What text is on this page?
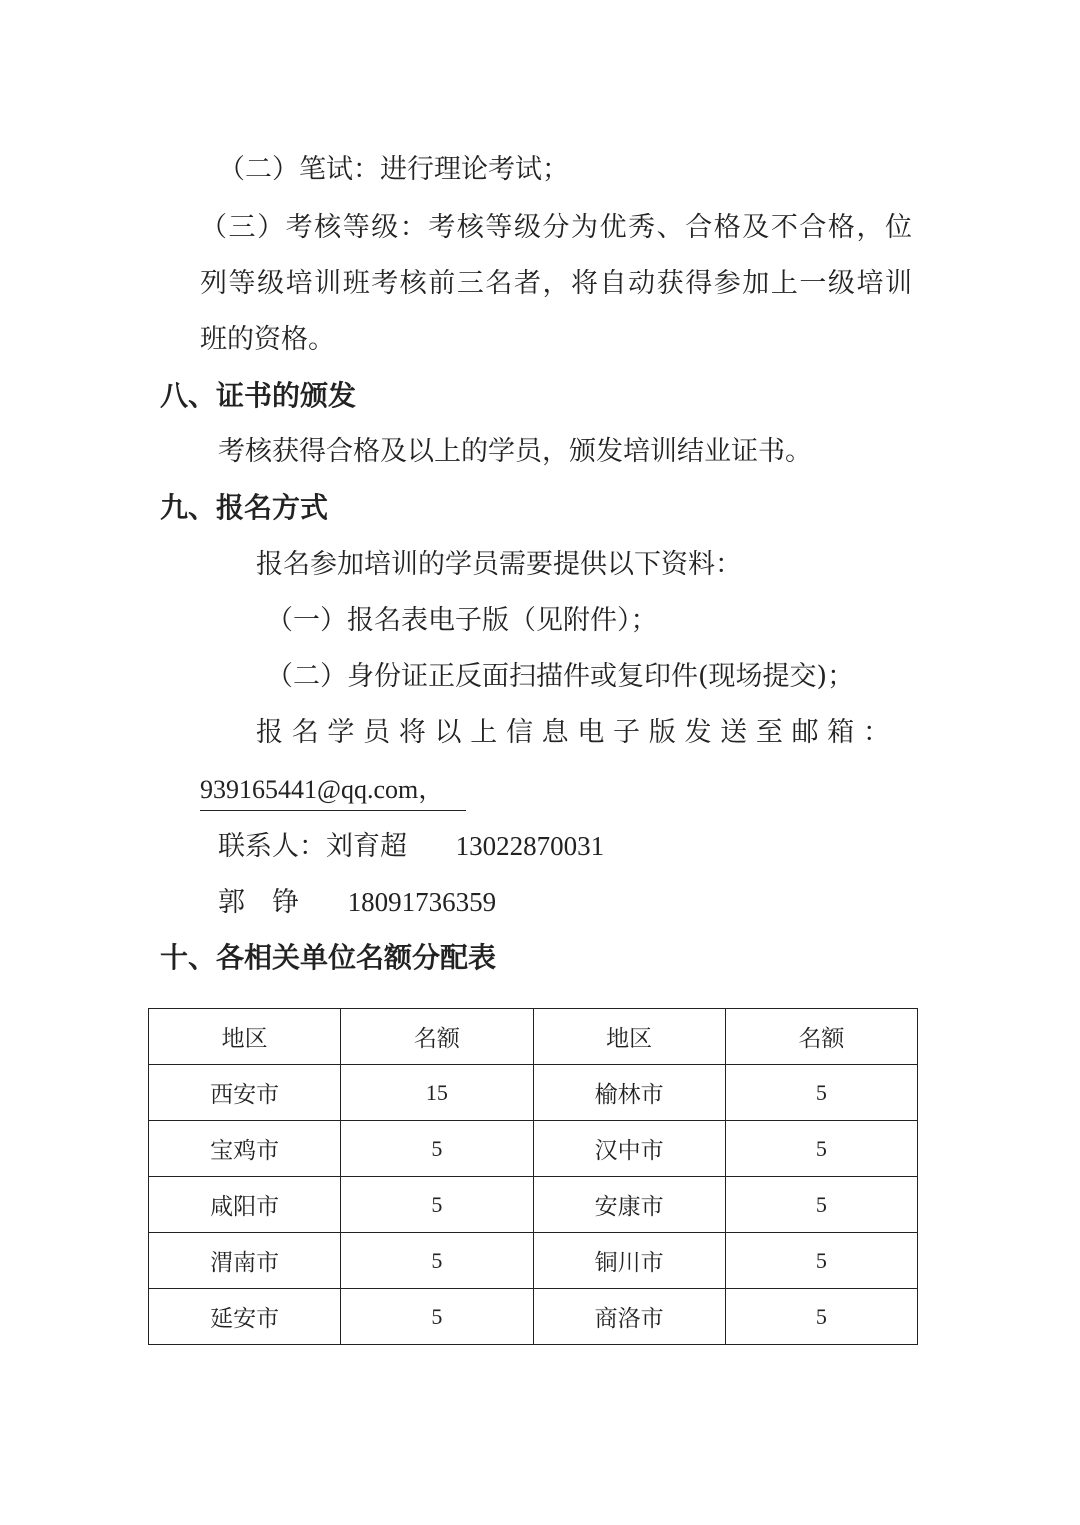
（二）笔试：进行理论考试；
（三）考核等级：考核等级分为优秀、合格及不合格，位
列等级培训班考核前三名者，将自动获得参加上一级培训
班的资格。
八、证书的颁发
考核获得合格及以上的学员，颁发培训结业证书。
九、报名方式
报名参加培训的学员需要提供以下资料：
（一）报名表电子版（见附件）；
（二）身份证正反面扫描件或复印件(现场提交)；
报名学员将以上信息电子版发送至邮箱：
939165441@qq.com，
联系人：刘育超 13022870031
郭　铮 18091736359
十、各相关单位名额分配表
地区	名额	地区	名额
西安市	15	榆林市	5
宝鸡市	5	汉中市	5
咸阳市	5	安康市	5
渭南市	5	铜川市	5
延安市	5	商洛市	5
